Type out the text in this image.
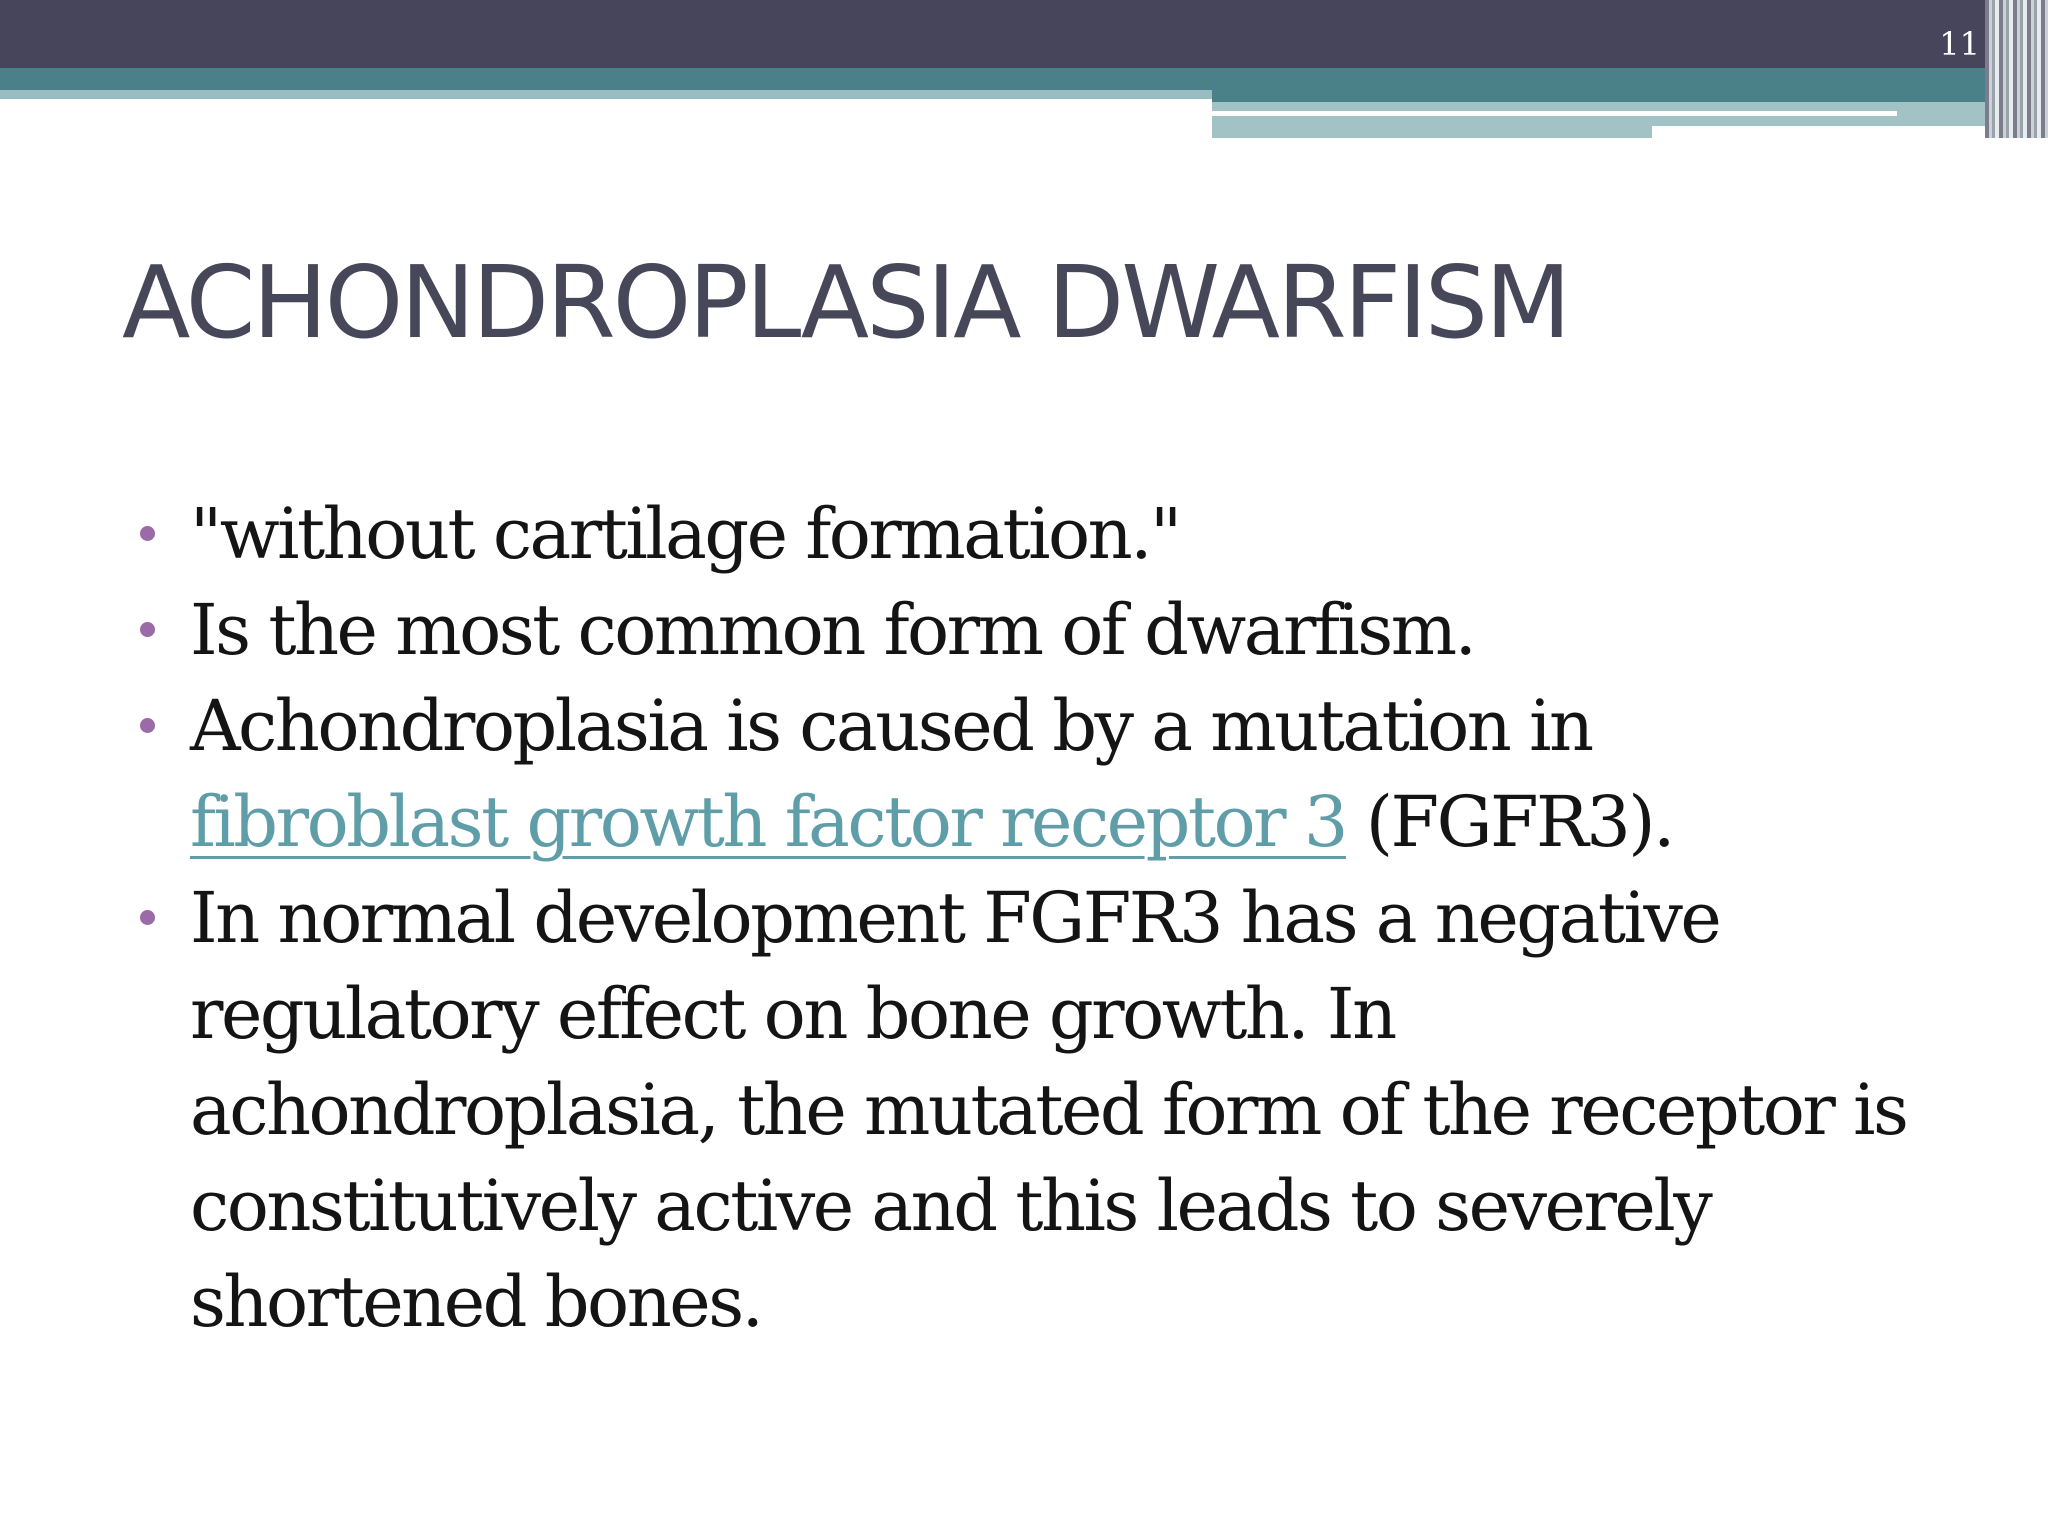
11
ACHONDROPLASIA DWARFISM
"without cartilage formation."
Is the most common form of dwarfism.
Achondroplasia is caused by a mutation in
fibroblast growth factor receptor 3 (FGFR3).
In normal development FGFR3 has a negative regulatory effect on bone growth. In achondroplasia, the mutated form of the receptor is constitutively active and this leads to severely shortened bones.
